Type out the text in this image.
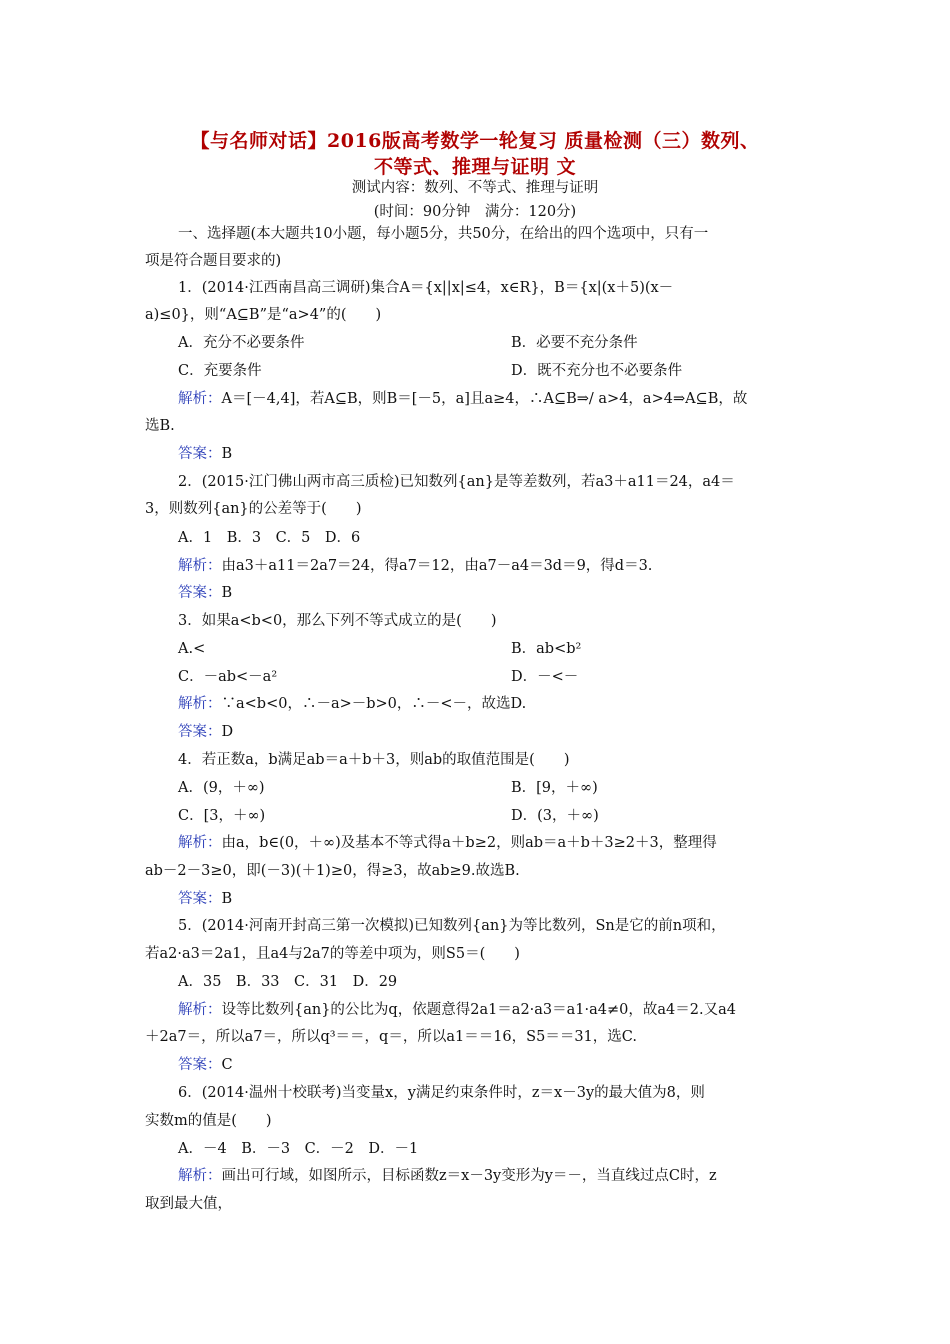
【与名师对话】2016版高考数学一轮复习 质量检测（三）数列、
不等式、推理与证明 文
测试内容：数列、不等式、推理与证明
(时间：90分钟　满分：120分)
一、选择题(本大题共10小题，每小题5分，共50分，在给出的四个选项中，只有一
项是符合题目要求的)
1．(2014·江西南昌高三调研)集合A＝{x||x|≤4，x∈R}，B＝{x|(x＋5)(x－
a)≤0}，则“A⊆B”是“a>4”的(　　)
A．充分不必要条件	B．必要不充分条件
C．充要条件	D．既不充分也不必要条件
解析：A＝[－4,4]，若A⊆B，则B＝[－5，a]且a≥4，∴A⊆B⇒/ a>4，a>4⇒A⊆B，故
选B.
答案：B
2．(2015·江门佛山两市高三质检)已知数列{an}是等差数列，若a3＋a11＝24，a4＝
3，则数列{an}的公差等于(　　)
A．1　B．3　C．5　D．6
解析：由a3＋a11＝2a7＝24，得a7＝12，由a7－a4＝3d＝9，得d＝3.
答案：B
3．如果a<b<0，那么下列不等式成立的是(　　)
A.<	B．ab<b²
C．－ab<－a²	D．－<－
解析：∵a<b<0，∴－a>－b>0，∴－<－，故选D.
答案：D
4．若正数a，b满足ab＝a＋b＋3，则ab的取值范围是(　　)
A．(9，＋∞)	B．[9，＋∞)
C．[3，＋∞)	D．(3，＋∞)
解析：由a，b∈(0，＋∞)及基本不等式得a＋b≥2，则ab＝a＋b＋3≥2＋3，整理得
ab－2－3≥0，即(－3)(＋1)≥0，得≥3，故ab≥9.故选B.
答案：B
5．(2014·河南开封高三第一次模拟)已知数列{an}为等比数列，Sn是它的前n项和，
若a2·a3＝2a1，且a4与2a7的等差中项为，则S5＝(　　)
A．35　B．33　C．31　D．29
解析：设等比数列{an}的公比为q，依题意得2a1＝a2·a3＝a1·a4≠0，故a4＝2.又a4
＋2a7＝，所以a7＝，所以q³＝＝，q＝，所以a1＝＝16，S5＝＝31，选C.
答案：C
6．(2014·温州十校联考)当变量x，y满足约束条件时，z＝x－3y的最大值为8，则
实数m的值是(　　)
A．－4　B．－3　C．－2　D．－1
解析：画出可行域，如图所示，目标函数z＝x－3y变形为y＝－，当直线过点C时，z
取到最大值，
